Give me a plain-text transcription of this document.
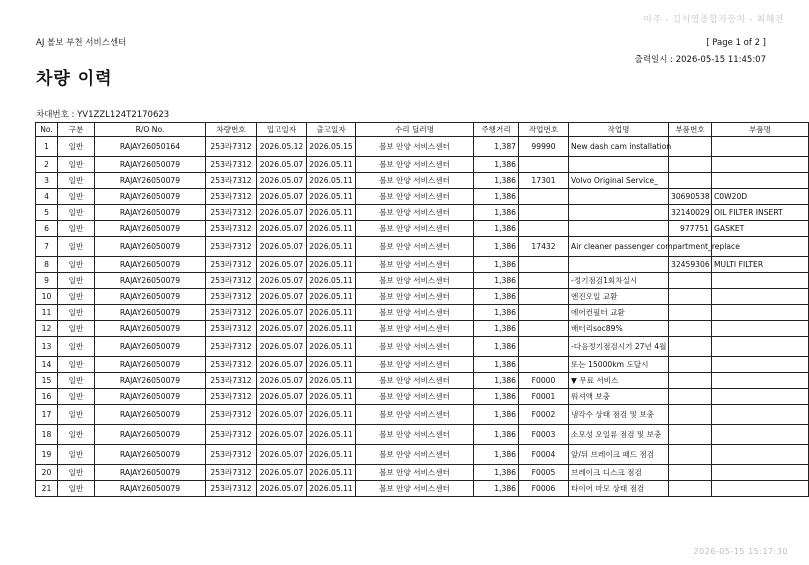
아주 - 김서영종합자동차 - 최해진
AJ 볼보 부천 서비스센터	[ Page 1 of 2 ]
출력일시 : 2026-05-15 11:45:07
차량 이력
차대번호 : YV1ZZL124T2170623
No.	구분	R/O No.	차량번호	입고일자	출고일자	수리 딜러명	주행거리	작업번호	작업명	부품번호	부품명
1	일반	RAJAY26050164	253라7312	2026.05.12	2026.05.15	볼보 안양 서비스센터	1,387	99990	New dash cam installation		
2	일반	RAJAY26050079	253라7312	2026.05.07	2026.05.11	볼보 안양 서비스센터	1,386				
3	일반	RAJAY26050079	253라7312	2026.05.07	2026.05.11	볼보 안양 서비스센터	1,386	17301	Volvo Original Service_		
4	일반	RAJAY26050079	253라7312	2026.05.07	2026.05.11	볼보 안양 서비스센터	1,386			30690538	C0W20D
5	일반	RAJAY26050079	253라7312	2026.05.07	2026.05.11	볼보 안양 서비스센터	1,386			32140029	OIL FILTER INSERT
6	일반	RAJAY26050079	253라7312	2026.05.07	2026.05.11	볼보 안양 서비스센터	1,386			977751	GASKET
7	일반	RAJAY26050079	253라7312	2026.05.07	2026.05.11	볼보 안양 서비스센터	1,386	17432	Air cleaner passenger compartment_replace		
8	일반	RAJAY26050079	253라7312	2026.05.07	2026.05.11	볼보 안양 서비스센터	1,386			32459306	MULTI FILTER
9	일반	RAJAY26050079	253라7312	2026.05.07	2026.05.11	볼보 안양 서비스센터	1,386		-정기점검1회차실시		
10	일반	RAJAY26050079	253라7312	2026.05.07	2026.05.11	볼보 안양 서비스센터	1,386		엔진오일 교환		
11	일반	RAJAY26050079	253라7312	2026.05.07	2026.05.11	볼보 안양 서비스센터	1,386		에어컨필터 교환		
12	일반	RAJAY26050079	253라7312	2026.05.07	2026.05.11	볼보 안양 서비스센터	1,386		배터리soc89%		
13	일반	RAJAY26050079	253라7312	2026.05.07	2026.05.11	볼보 안양 서비스센터	1,386		-다음정기점검시기 27년 4월		
14	일반	RAJAY26050079	253라7312	2026.05.07	2026.05.11	볼보 안양 서비스센터	1,386		또는 15000km 도달시		
15	일반	RAJAY26050079	253라7312	2026.05.07	2026.05.11	볼보 안양 서비스센터	1,386	F0000	▼ 무료 서비스		
16	일반	RAJAY26050079	253라7312	2026.05.07	2026.05.11	볼보 안양 서비스센터	1,386	F0001	워셔액 보충		
17	일반	RAJAY26050079	253라7312	2026.05.07	2026.05.11	볼보 안양 서비스센터	1,386	F0002	냉각수 상태 점검 및 보충		
18	일반	RAJAY26050079	253라7312	2026.05.07	2026.05.11	볼보 안양 서비스센터	1,386	F0003	소모성 오일류 점검 및 보충		
19	일반	RAJAY26050079	253라7312	2026.05.07	2026.05.11	볼보 안양 서비스센터	1,386	F0004	앞/뒤 브레이크 패드 점검		
20	일반	RAJAY26050079	253라7312	2026.05.07	2026.05.11	볼보 안양 서비스센터	1,386	F0005	브레이크 디스크 점검		
21	일반	RAJAY26050079	253라7312	2026.05.07	2026.05.11	볼보 안양 서비스센터	1,386	F0006	타이어 마모 상태 점검		
2026-05-15 15:17:30
